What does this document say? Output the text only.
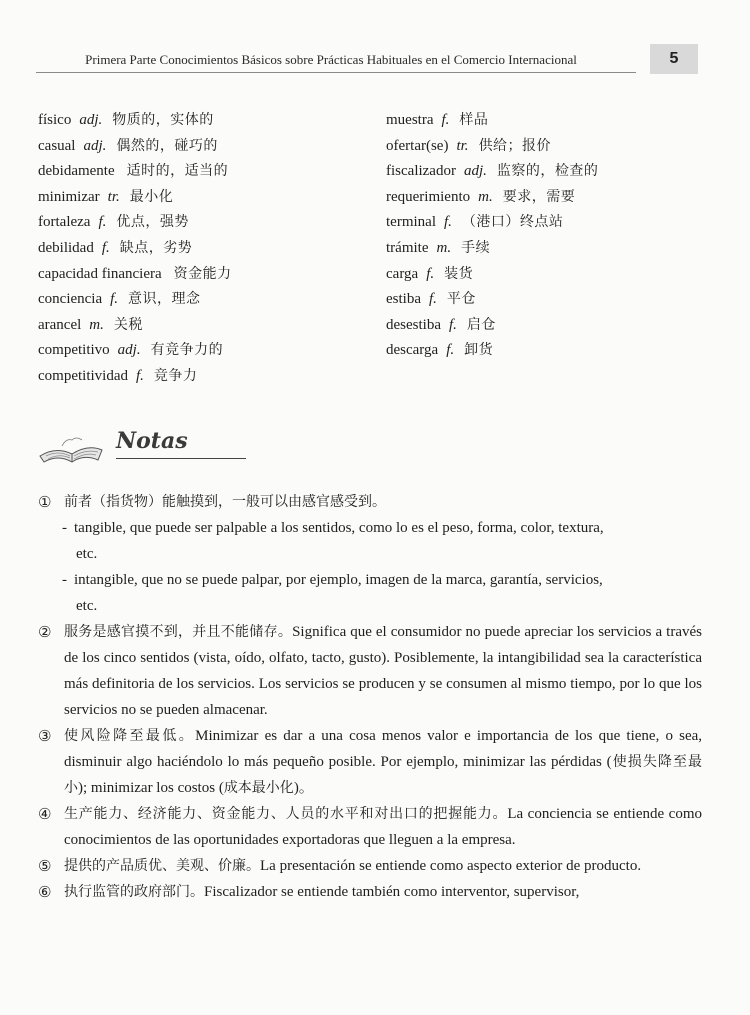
Primera Parte Conocimientos Básicos sobre Prácticas Habituales en el Comercio Internacional	5
físico adj. 物质的，实体的
casual adj. 偶然的，碰巧的
debidamente 适时的，适当的
minimizar tr. 最小化
fortaleza f. 优点，强势
debilidad f. 缺点，劣势
capacidad financiera 资金能力
conciencia f. 意识，理念
arancel m. 关税
competitivo adj. 有竞争力的
competitividad f. 竞争力
muestra f. 样品
ofertar(se) tr. 供给；报价
fiscalizador adj. 监察的，检查的
requerimiento m. 要求，需要
terminal f. （港口）终点站
trámite m. 手续
carga f. 装货
estiba f. 平仓
desestiba f. 启仓
descarga f. 卸货
Notas
① 前者（指货物）能触摸到，一般可以由感官感受到。
- tangible, que puede ser palpable a los sentidos, como lo es el peso, forma, color, textura,
etc.
- intangible, que no se puede palpar, por ejemplo, imagen de la marca, garantía, servicios,
etc.
② 服务是感官摸不到，并且不能储存。Significa que el consumidor no puede apreciar los servicios a través de los cinco sentidos (vista, oído, olfato, tacto, gusto). Posiblemente, la intangibilidad sea la característica más definitoria de los servicios. Los servicios se producen y se consumen al mismo tiempo, por lo que los servicios no se pueden almacenar.
③ 使风险降至最低。Minimizar es dar a una cosa menos valor e importancia de los que tiene, o sea, disminuir algo haciéndolo lo más pequeño posible. Por ejemplo, minimizar las pérdidas (使损失降至最小); minimizar los costos (成本最小化)。
④ 生产能力、经济能力、资金能力、人员的水平和对出口的把握能力。La conciencia se entiende como conocimientos de las oportunidades exportadoras que lleguen a la empresa.
⑤ 提供的产品质优、美观、价廉。La presentación se entiende como aspecto exterior de producto.
⑥ 执行监管的政府部门。Fiscalizador se entiende también como interventor, supervisor,
